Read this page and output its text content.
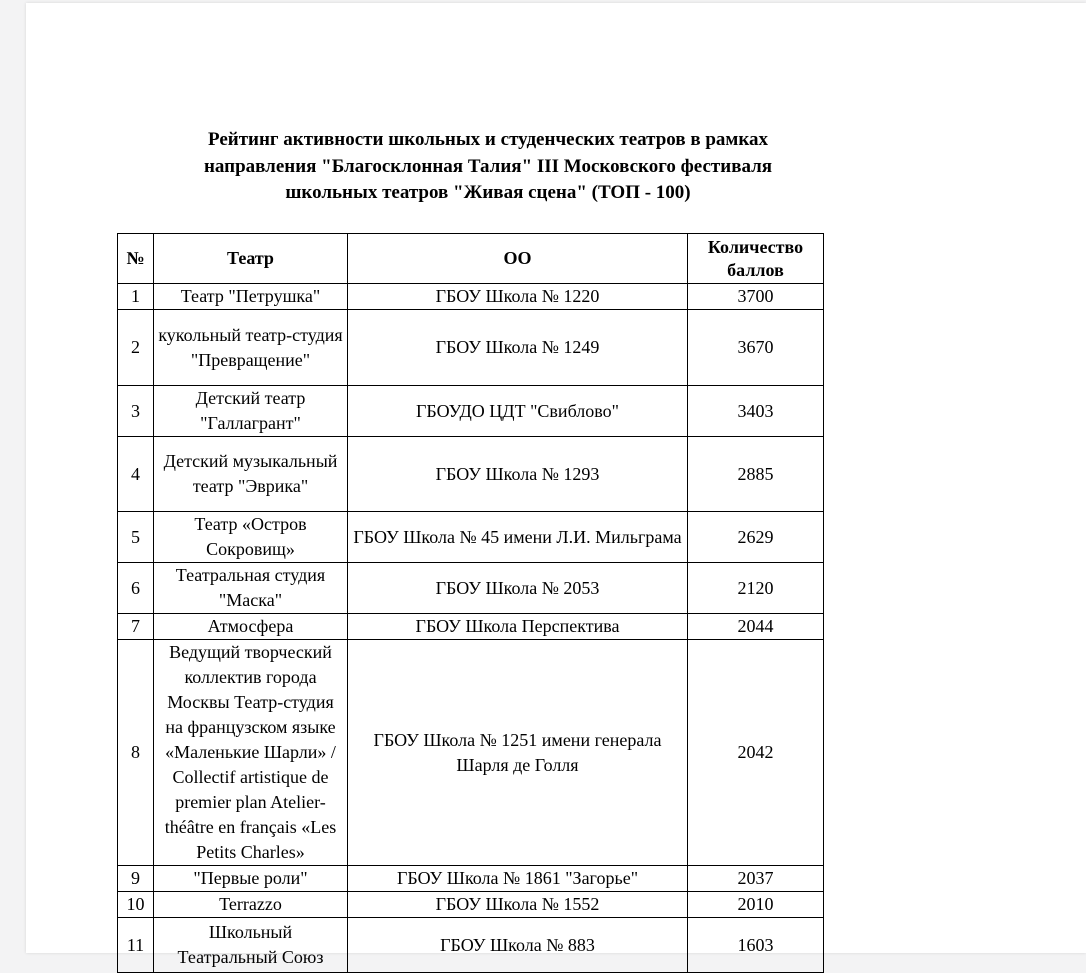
Рейтинг активности школьных и студенческих театров в рамках
направления "Благосклонная Талия" III Московского фестиваля
школьных театров "Живая сцена" (ТОП - 100)
№	Театр	ОО	Количество баллов
1	Театр "Петрушка"	ГБОУ Школа № 1220	3700
2	кукольный театр-студия "Превращение"	ГБОУ Школа № 1249	3670
3	Детский театр "Галлагрант"	ГБОУДО ЦДТ "Свиблово"	3403
4	Детский музыкальный театр "Эврика"	ГБОУ Школа № 1293	2885
5	Театр «Остров Сокровищ»	ГБОУ Школа № 45 имени Л.И. Мильграма	2629
6	Театральная студия "Маска"	ГБОУ Школа № 2053	2120
7	Атмосфера	ГБОУ Школа Перспектива	2044
8	Ведущий творческий коллектив города Москвы Театр-студия на французском языке «Маленькие Шарли» / Collectif artistique de premier plan Atelier-théâtre en français «Les Petits Charles»	ГБОУ Школа № 1251 имени генерала Шарля де Голля	2042
9	"Первые роли"	ГБОУ Школа № 1861 "Загорье"	2037
10	Terrazzo	ГБОУ Школа № 1552	2010
11	Школьный Театральный Союз	ГБОУ Школа № 883	1603
